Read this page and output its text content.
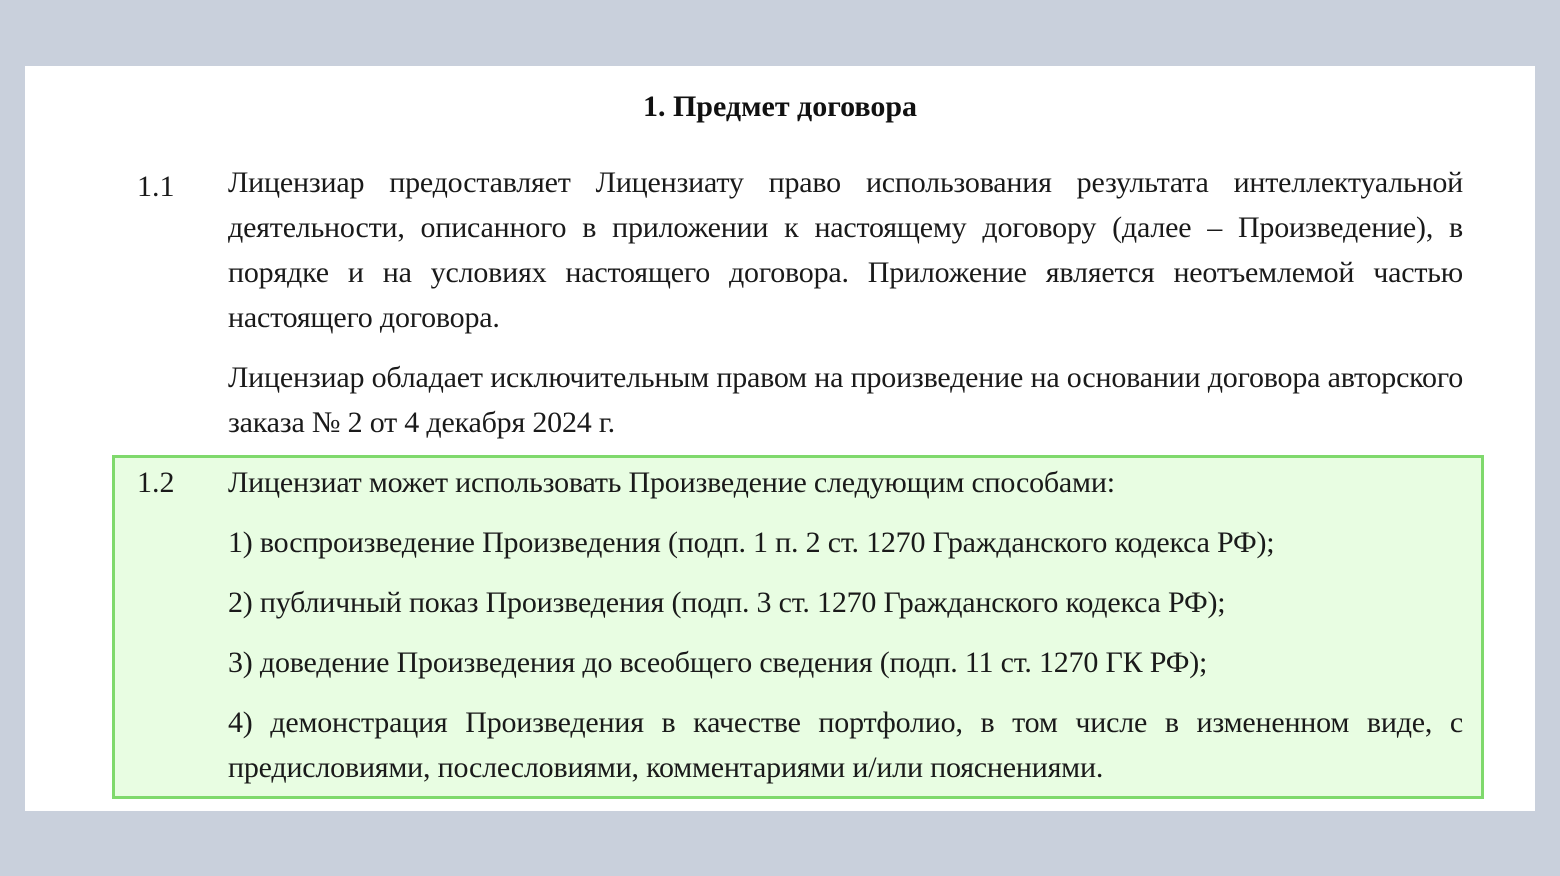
1. Предмет договора
1.1 Лицензиар предоставляет Лицензиату право использования результата интеллектуальной деятельности, описанного в приложении к настоящему договору (далее – Произведение), в порядке и на условиях настоящего договора. Приложение является неотъемлемой частью настоящего договора.
Лицензиар обладает исключительным правом на произведение на основании договора авторского заказа № 2 от 4 декабря 2024 г.
1.2 Лицензиат может использовать Произведение следующим способами:
1) воспроизведение Произведения (подп. 1 п. 2 ст. 1270 Гражданского кодекса РФ);
2) публичный показ Произведения (подп. 3 ст. 1270 Гражданского кодекса РФ);
3) доведение Произведения до всеобщего сведения (подп. 11 ст. 1270 ГК РФ);
4) демонстрация Произведения в качестве портфолио, в том числе в измененном виде, с предисловиями, послесловиями, комментариями и/или пояснениями.
